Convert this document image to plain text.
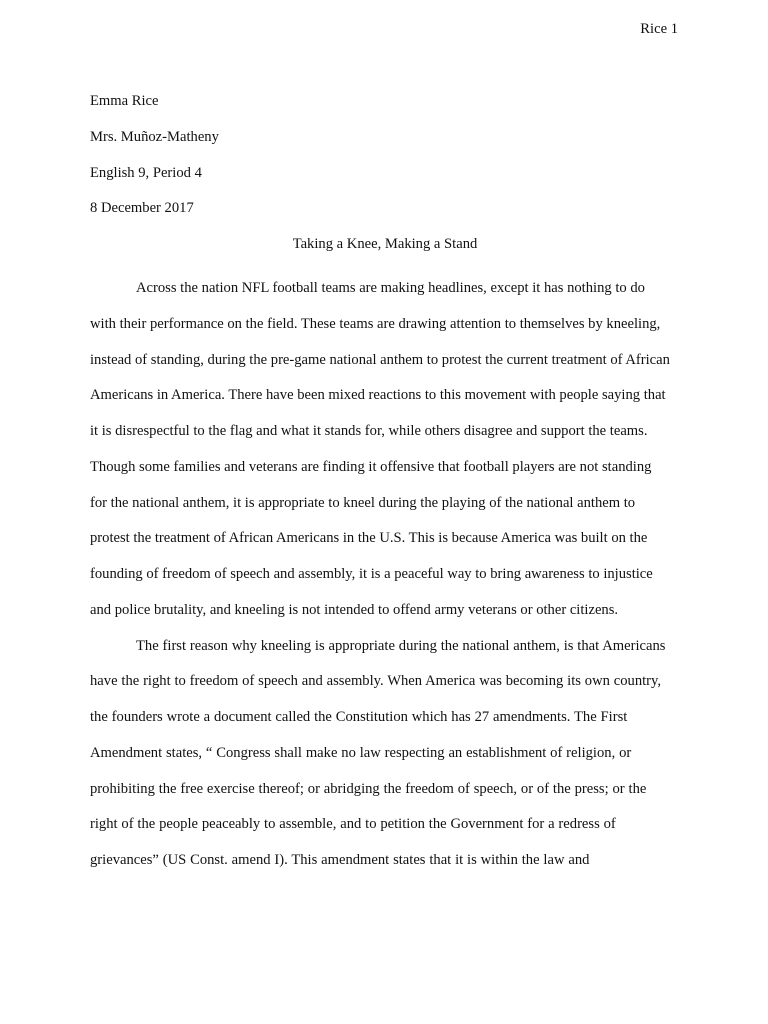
Rice 1
Emma Rice
Mrs. Muñoz-Matheny
English 9, Period 4
8 December 2017
Taking a Knee, Making a Stand

Across the nation NFL football teams are making headlines, except it has nothing to do with their performance on the field. These teams are drawing attention to themselves by kneeling, instead of standing, during the pre-game national anthem to protest the current treatment of African Americans in America. There have been mixed reactions to this movement with people saying that it is disrespectful to the flag and what it stands for, while others disagree and support the teams. Though some families and veterans are finding it offensive that football players are not standing for the national anthem, it is appropriate to kneel during the playing of the national anthem to protest the treatment of African Americans in the U.S. This is because America was built on the founding of freedom of speech and assembly, it is a peaceful way to bring awareness to injustice and police brutality, and kneeling is not intended to offend army veterans or other citizens.

The first reason why kneeling is appropriate during the national anthem, is that Americans have the right to freedom of speech and assembly. When America was becoming its own country, the founders wrote a document called the Constitution which has 27 amendments. The First Amendment states, “ Congress shall make no law respecting an establishment of religion, or prohibiting the free exercise thereof; or abridging the freedom of speech, or of the press; or the right of the people peaceably to assemble, and to petition the Government for a redress of grievances” (US Const. amend I). This amendment states that it is within the law and
